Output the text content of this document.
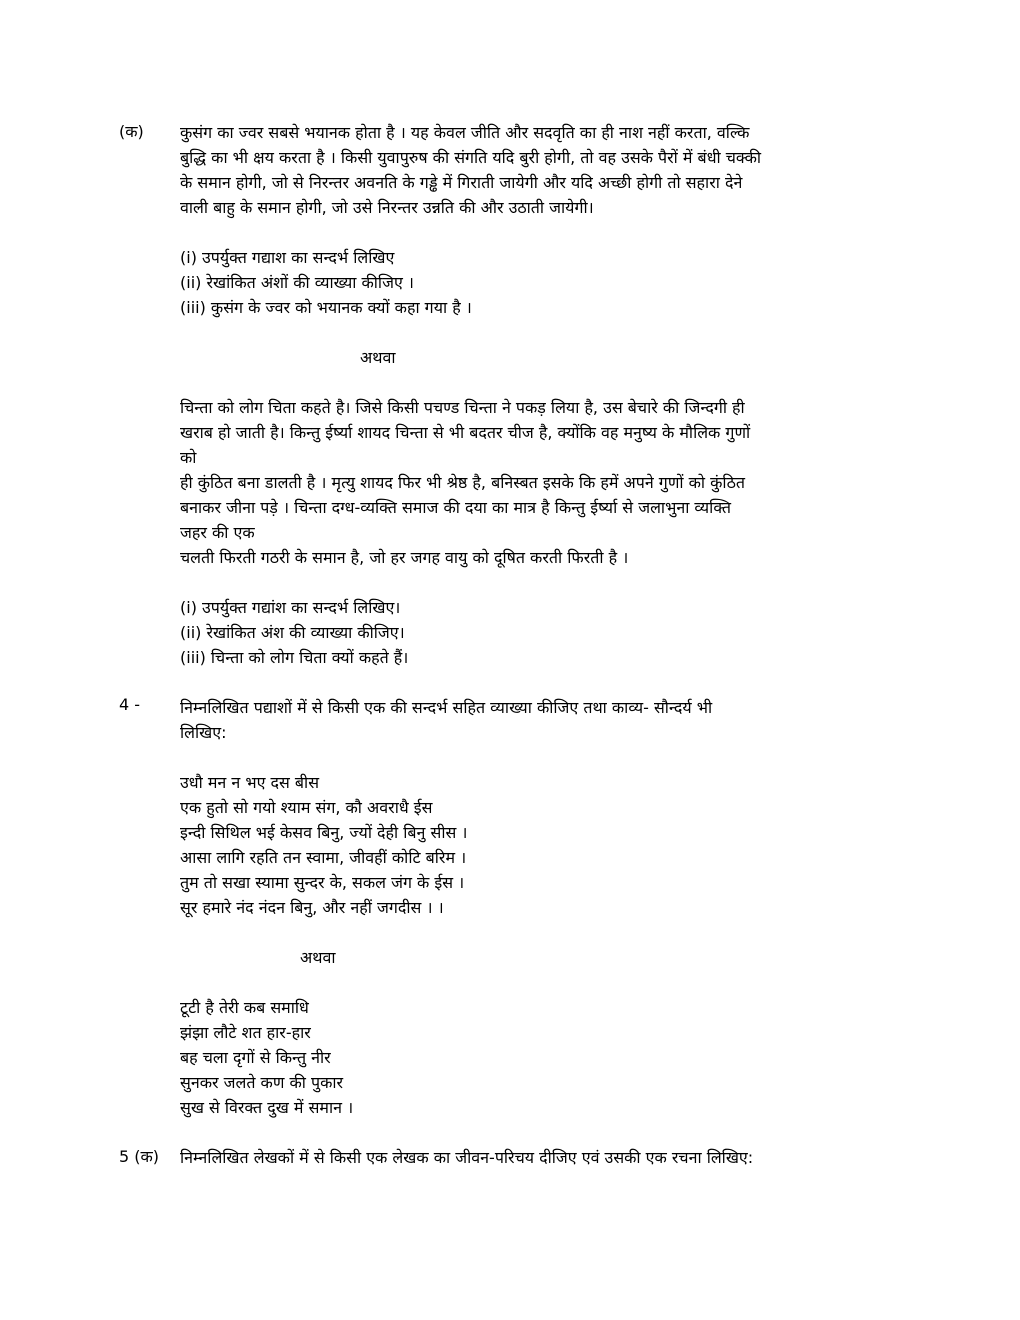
(क) कुसंग का ज्वर सबसे भयानक होता है । यह केवल जीति और सदवृति का ही नाश नहीं करता, वल्कि
बुद्धि का भी क्षय करता है । किसी युवापुरुष की संगति यदि बुरी होगी, तो वह उसके पैरों में बंधी चक्की
के समान होगी, जो से निरन्तर अवनति के गड्ढे में गिराती जायेगी और यदि अच्छी होगी तो सहारा देने
वाली बाहु के समान होगी, जो उसे निरन्तर उन्नति की और उठाती जायेगी।
(i) उपर्युक्त गद्याश का सन्दर्भ लिखिए
(ii) रेखांकित अंशों की व्याख्या कीजिए ।
(iii) कुसंग के ज्वर को भयानक क्यों कहा गया है ।
अथवा
चिन्ता को लोग चिता कहते है। जिसे किसी पचण्ड चिन्ता ने पकड़ लिया है, उस बेचारे की जिन्दगी ही
खराब हो जाती है। किन्तु ईर्ष्या शायद चिन्ता से भी बदतर चीज है, क्योंकि वह मनुष्य के मौलिक गुणों
को
ही कुंठित बना डालती है । मृत्यु शायद फिर भी श्रेष्ठ है, बनिस्बत इसके कि हमें अपने गुणों को कुंठित
बनाकर जीना पड़े । चिन्ता दग्ध-व्यक्ति समाज की दया का मात्र है किन्तु ईर्ष्या से जलाभुना व्यक्ति
जहर की एक
चलती फिरती गठरी के समान है, जो हर जगह वायु को दूषित करती फिरती है ।
(i) उपर्युक्त गद्यांश का सन्दर्भ लिखिए।
(ii) रेखांकित अंश की व्याख्या कीजिए।
(iii) चिन्ता को लोग चिता क्यों कहते हैं।
4 - निम्नलिखित पद्याशों में से किसी एक की सन्दर्भ सहित व्याख्या कीजिए तथा काव्य- सौन्दर्य भी
लिखिए:
उधौ मन न भए दस बीस
एक हुतो सो गयो श्याम संग, कौ अवराधै ईस
इन्दी सिथिल भई केसव बिनु, ज्यों देही बिनु सीस ।
आसा लागि रहति तन स्वामा, जीवहीं कोटि बरिम ।
तुम तो सखा स्यामा सुन्दर के, सकल जंग के ईस ।
सूर हमारे नंद नंदन बिनु, और नहीं जगदीस । ।
अथवा
टूटी है तेरी कब समाधि
झंझा लौटे शत हार-हार
बह चला दृगों से किन्तु नीर
सुनकर जलते कण की पुकार
सुख से विरक्त दुख में समान ।
5 (क) निम्नलिखित लेखकों में से किसी एक लेखक का जीवन-परिचय दीजिए एवं उसकी एक रचना लिखिए:
